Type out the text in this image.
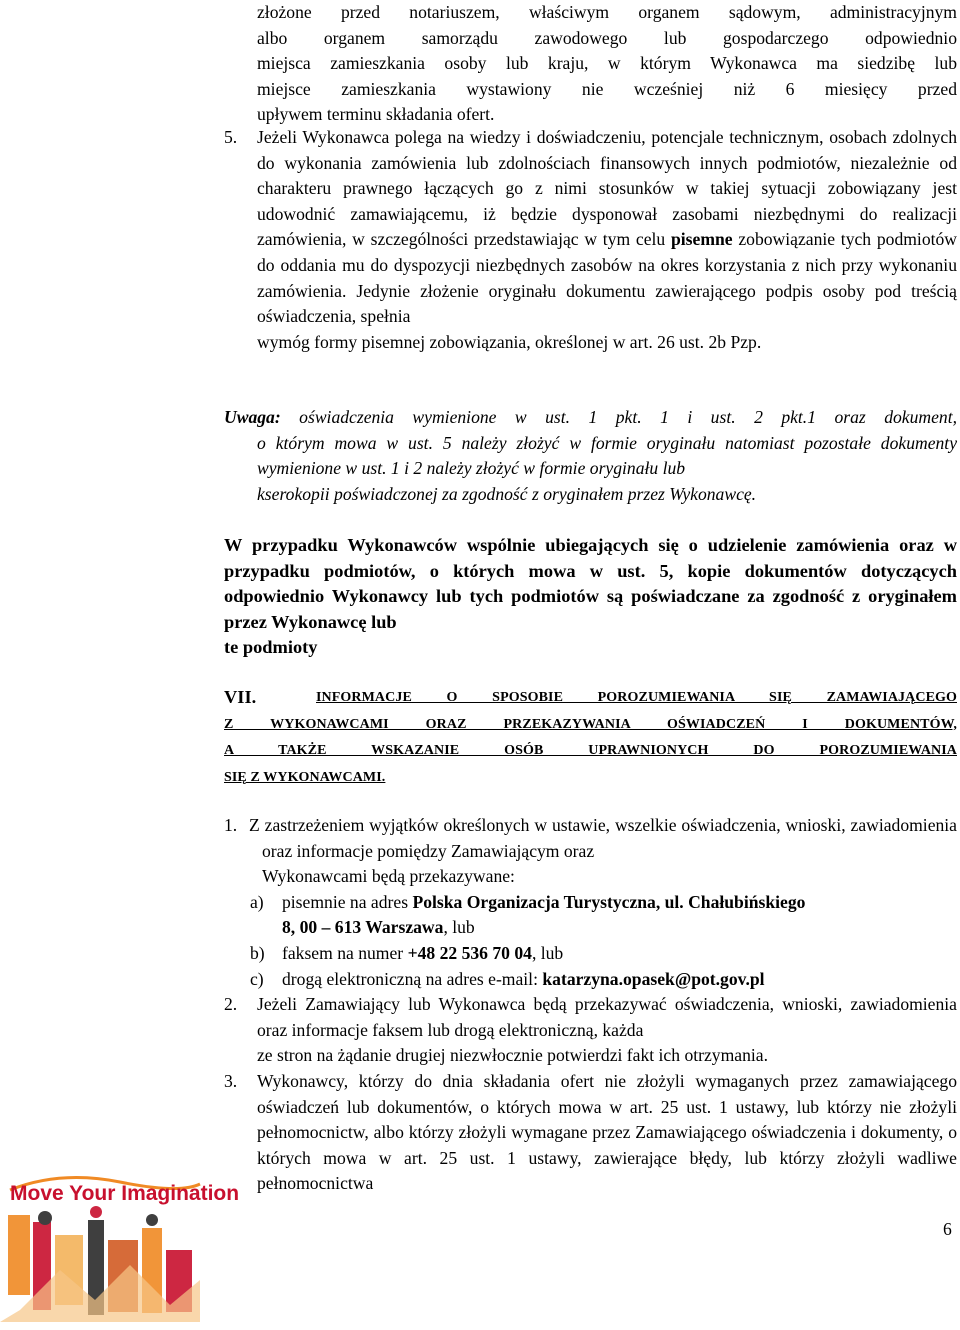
złożone przed notariuszem, właściwym organem sądowym, administracyjnym

albo organem samorządu zawodowego lub gospodarczego odpowiednio

miejsca zamieszkania osoby lub kraju, w którym Wykonawca ma siedzibę lub

miejsce zamieszkania wystawiony nie wcześniej niż 6 miesięcy przed

upływem terminu składania ofert.

5. Jeżeli Wykonawca polega na wiedzy i doświadczeniu, potencjale technicznym, osobach zdolnych do wykonania zamówienia lub zdolnościach finansowych innych podmiotów, niezależnie od charakteru prawnego łączących go z nimi stosunków w takiej sytuacji zobowiązany jest udowodnić zamawiającemu, iż będzie dysponował zasobami niezbędnymi do realizacji zamówienia, w szczególności przedstawiając w tym celu pisemne zobowiązanie tych podmiotów do oddania mu do dyspozycji niezbędnych zasobów na okres korzystania z nich przy wykonaniu zamówienia. Jedynie złożenie oryginału dokumentu zawierającego podpis osoby pod treścią oświadczenia, spełnia

wymóg formy pisemnej zobowiązania, określonej w art. 26 ust. 2b Pzp.

Uwaga: oświadczenia wymienione w ust. 1 pkt. 1 i ust. 2 pkt.1 oraz dokument,

o którym mowa w ust. 5 należy złożyć w formie oryginału natomiast pozostałe dokumenty wymienione w ust. 1 i 2 należy złożyć w formie oryginału lub

kserokopii poświadczonej za zgodność z oryginałem przez Wykonawcę.

W przypadku Wykonawców wspólnie ubiegających się o udzielenie zamówienia oraz w przypadku podmiotów, o których mowa w ust. 5, kopie dokumentów dotyczących odpowiednio Wykonawcy lub tych podmiotów są poświadczane za zgodność z oryginałem przez Wykonawcę lub

te podmioty

VII.	INFORMACJE O SPOSOBIE POROZUMIEWANIA SIĘ ZAMAWIAJĄCEGO

Z WYKONAWCAMI ORAZ PRZEKAZYWANIA OŚWIADCZEŃ I DOKUMENTÓW,

A TAKŻE WSKAZANIE OSÓB UPRAWNIONYCH DO POROZUMIEWANIA

SIĘ Z WYKONAWCAMI.

1. Z zastrzeżeniem wyjątków określonych w ustawie, wszelkie oświadczenia, wnioski, zawiadomienia oraz informacje pomiędzy Zamawiającym oraz

Wykonawcami będą przekazywane:

a) pisemnie na adres Polska Organizacja Turystyczna, ul. Chałubińskiego

8, 00 – 613 Warszawa, lub

b) faksem na numer +48 22 536 70 04, lub

c) drogą elektroniczną na adres e-mail: katarzyna.opasek@pot.gov.pl

2. Jeżeli Zamawiający lub Wykonawca będą przekazywać oświadczenia, wnioski, zawiadomienia oraz informacje faksem lub drogą elektroniczną, każda

ze stron na żądanie drugiej niezwłocznie potwierdzi fakt ich otrzymania.

3. Wykonawcy, którzy do dnia składania ofert nie złożyli wymaganych przez zamawiającego oświadczeń lub dokumentów, o których mowa w art. 25 ust. 1 ustawy, lub którzy nie złożyli pełnomocnictw, albo którzy złożyli wymagane przez Zamawiającego oświadczenia i dokumenty, o których mowa w art. 25 ust. 1 ustawy, zawierające błędy, lub którzy złożyli wadliwe pełnomocnictwa

Move Your Imagination
6
